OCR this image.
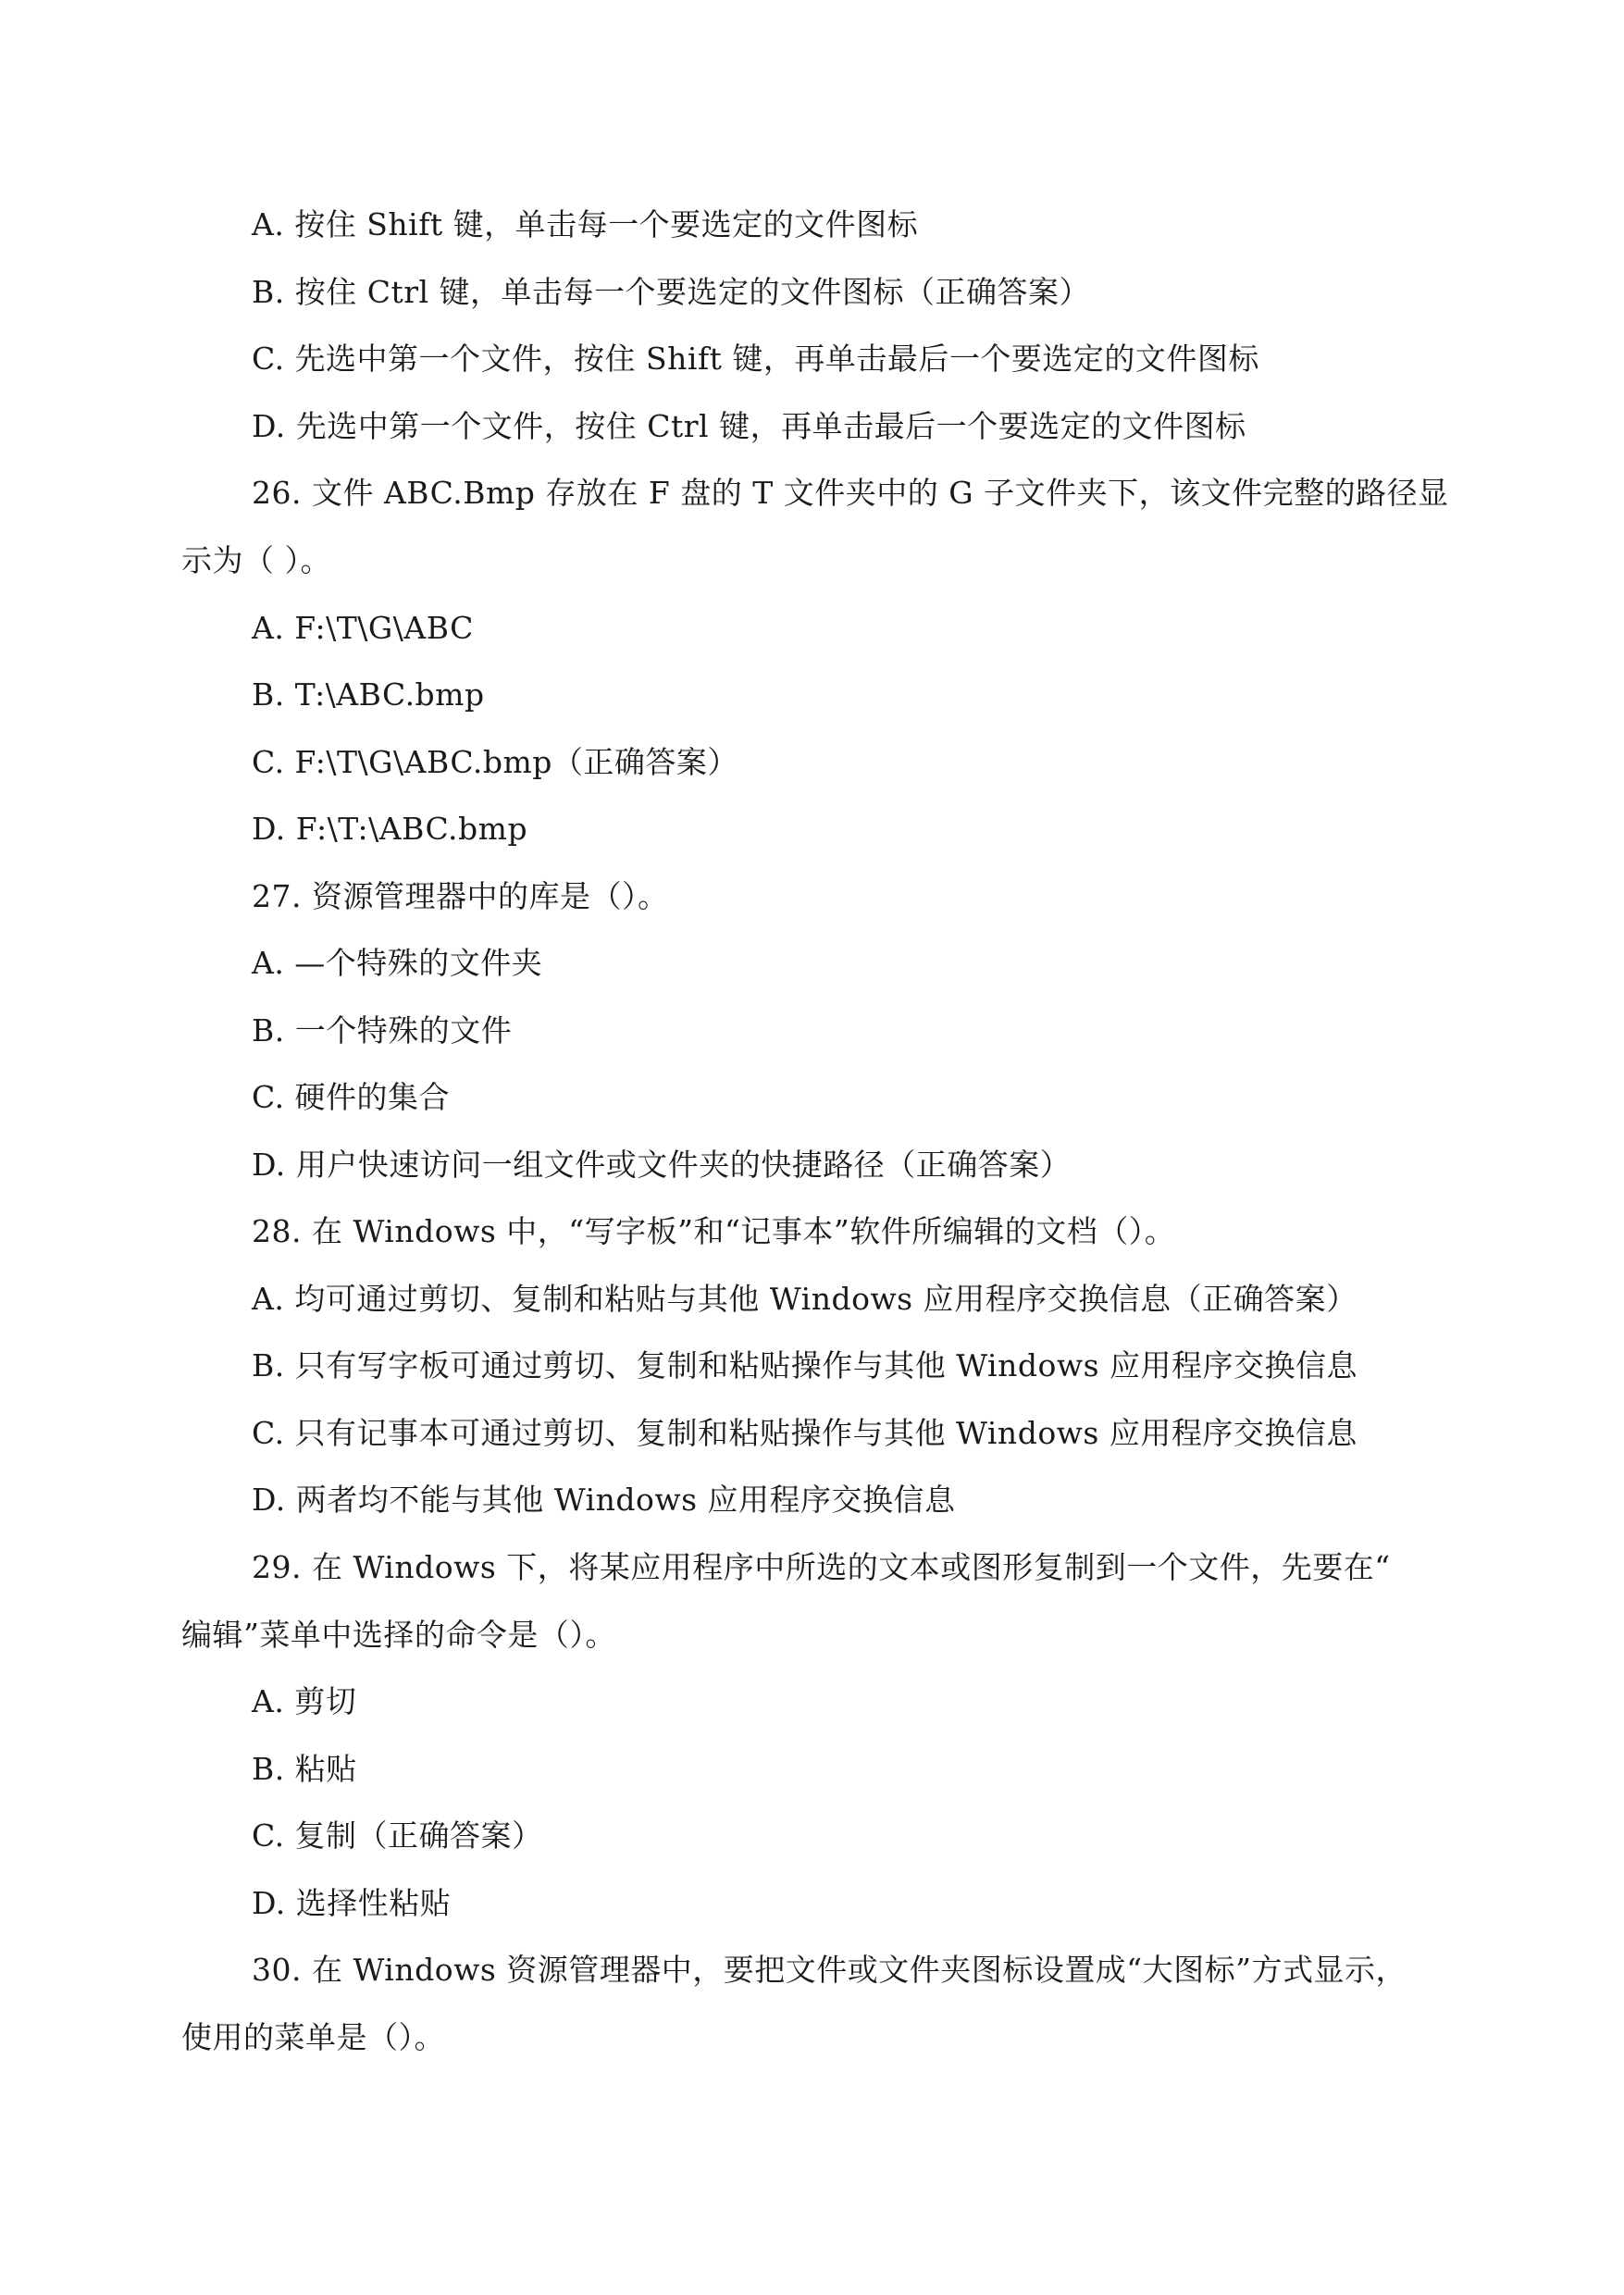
A. 按住 Shift 键，单击每一个要选定的文件图标
B. 按住 Ctrl 键，单击每一个要选定的文件图标（正确答案）
C. 先选中第一个文件，按住 Shift 键，再单击最后一个要选定的文件图标
D. 先选中第一个文件，按住 Ctrl 键，再单击最后一个要选定的文件图标
26. 文件 ABC.Bmp 存放在 F 盘的 T 文件夹中的 G 子文件夹下，该文件完整的路径显
示为（ ）。
A. F:\T\G\ABC
B. T:\ABC.bmp
C. F:\T\G\ABC.bmp（正确答案）
D. F:\T:\ABC.bmp
27. 资源管理器中的库是（）。
A. —个特殊的文件夹
B. 一个特殊的文件
C. 硬件的集合
D. 用户快速访问一组文件或文件夹的快捷路径（正确答案）
28. 在 Windows 中，“写字板”和“记事本”软件所编辑的文档（）。
A. 均可通过剪切、复制和粘贴与其他 Windows 应用程序交换信息（正确答案）
B. 只有写字板可通过剪切、复制和粘贴操作与其他 Windows 应用程序交换信息
C. 只有记事本可通过剪切、复制和粘贴操作与其他 Windows 应用程序交换信息
D. 两者均不能与其他 Windows 应用程序交换信息
29. 在 Windows 下，将某应用程序中所选的文本或图形复制到一个文件，先要在“
编辑”菜单中选择的命令是（）。
A. 剪切
B. 粘贴
C. 复制（正确答案）
D. 选择性粘贴
30. 在 Windows 资源管理器中，要把文件或文件夹图标设置成“大图标”方式显示，
使用的菜单是（）。
